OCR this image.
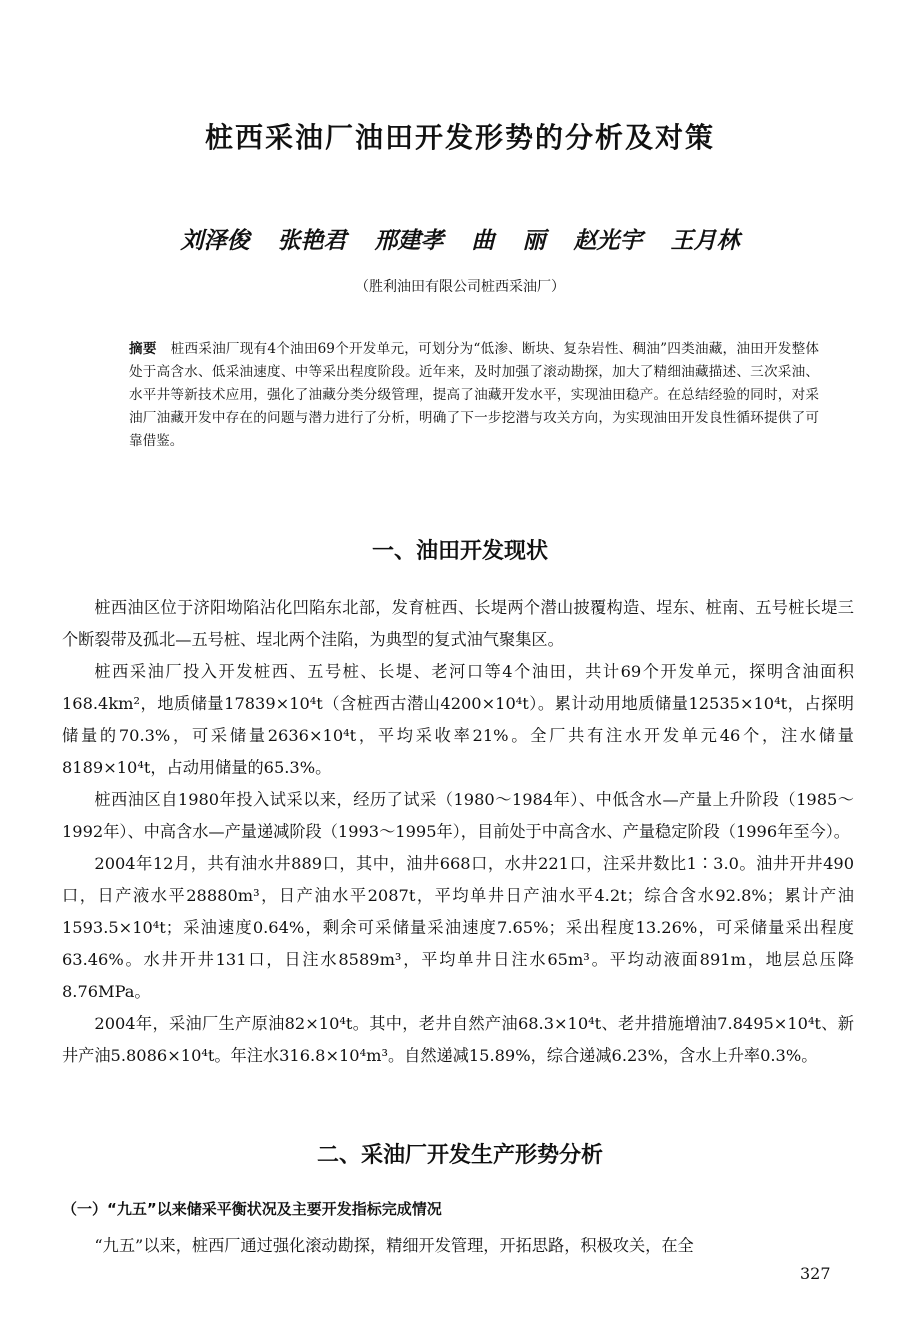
桩西采油厂油田开发形势的分析及对策
刘泽俊 张艳君 邢建孝 曲 丽 赵光宇 王月林

（胜利油田有限公司桩西采油厂）

摘要 桩西采油厂现有4个油田69个开发单元，可划分为“低渗、断块、复杂岩性、稠油”四类油藏，油田开发整体处于高含水、低采油速度、中等采出程度阶段。近年来，及时加强了滚动勘探，加大了精细油藏描述、三次采油、水平井等新技术应用，强化了油藏分类分级管理，提高了油藏开发水平，实现油田稳产。在总结经验的同时，对采油厂油藏开发中存在的问题与潜力进行了分析，明确了下一步挖潜与攻关方向，为实现油田开发良性循环提供了可靠借鉴。

一、油田开发现状

桩西油区位于济阳坳陷沾化凹陷东北部，发育桩西、长堤两个潜山披覆构造、埕东、桩南、五号桩长堤三个断裂带及孤北—五号桩、埕北两个洼陷，为典型的复式油气聚集区。

桩西采油厂投入开发桩西、五号桩、长堤、老河口等4个油田，共计69个开发单元，探明含油面积168.4km²，地质储量17839×10⁴t（含桩西古潜山4200×10⁴t）。累计动用地质储量12535×10⁴t，占探明储量的70.3%，可采储量2636×10⁴t，平均采收率21%。全厂共有注水开发单元46个，注水储量8189×10⁴t，占动用储量的65.3%。

桩西油区自1980年投入试采以来，经历了试采（1980～1984年）、中低含水—产量上升阶段（1985～1992年）、中高含水—产量递减阶段（1993～1995年），目前处于中高含水、产量稳定阶段（1996年至今）。

2004年12月，共有油水井889口，其中，油井668口，水井221口，注采井数比1∶3.0。油井开井490口，日产液水平28880m³，日产油水平2087t，平均单井日产油水平4.2t；综合含水92.8%；累计产油1593.5×10⁴t；采油速度0.64%，剩余可采储量采油速度7.65%；采出程度13.26%，可采储量采出程度63.46%。水井开井131口，日注水8589m³，平均单井日注水65m³。平均动液面891m，地层总压降8.76MPa。

2004年，采油厂生产原油82×10⁴t。其中，老井自然产油68.3×10⁴t、老井措施增油7.8495×10⁴t、新井产油5.8086×10⁴t。年注水316.8×10⁴m³。自然递减15.89%，综合递减6.23%，含水上升率0.3%。

二、采油厂开发生产形势分析
（一）“九五”以来储采平衡状况及主要开发指标完成情况

“九五”以来，桩西厂通过强化滚动勘探，精细开发管理，开拓思路，积极攻关，在全

327
